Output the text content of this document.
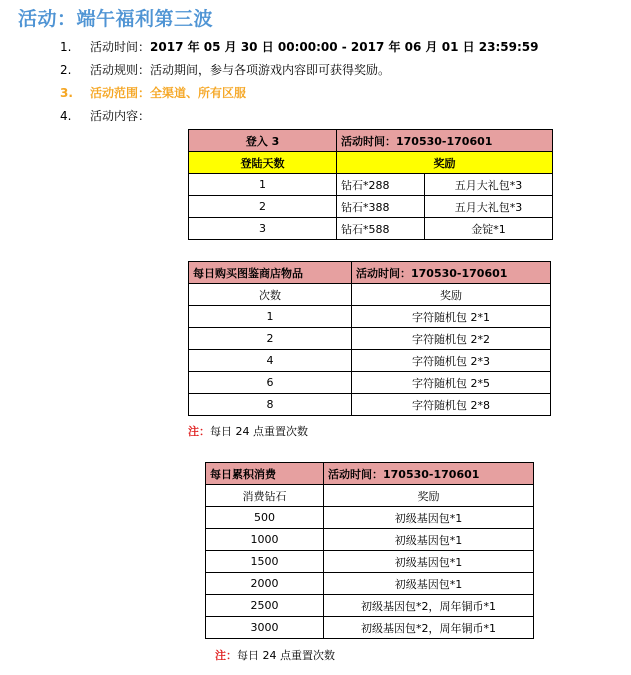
活动：端午福利第三波
1. 活动时间：2017 年 05 月 30 日 00:00:00 - 2017 年 06 月 01 日 23:59:59
2. 活动规则：活动期间，参与各项游戏内容即可获得奖励。
3. 活动范围：全渠道、所有区服
4. 活动内容：
登入 3	活动时间：170530-170601	
登陆天数	奖励	
1	钻石*288	五月大礼包*3
2	钻石*388	五月大礼包*3
3	钻石*588	金锭*1
每日购买图鉴商店物品	活动时间：170530-170601
次数	奖励
1	字符随机包 2*1
2	字符随机包 2*2
4	字符随机包 2*3
6	字符随机包 2*5
8	字符随机包 2*8
注：每日 24 点重置次数
每日累积消费	活动时间：170530-170601
消费钻石	奖励
500	初级基因包*1
1000	初级基因包*1
1500	初级基因包*1
2000	初级基因包*1
2500	初级基因包*2，周年铜币*1
3000	初级基因包*2，周年铜币*1
注：每日 24 点重置次数
